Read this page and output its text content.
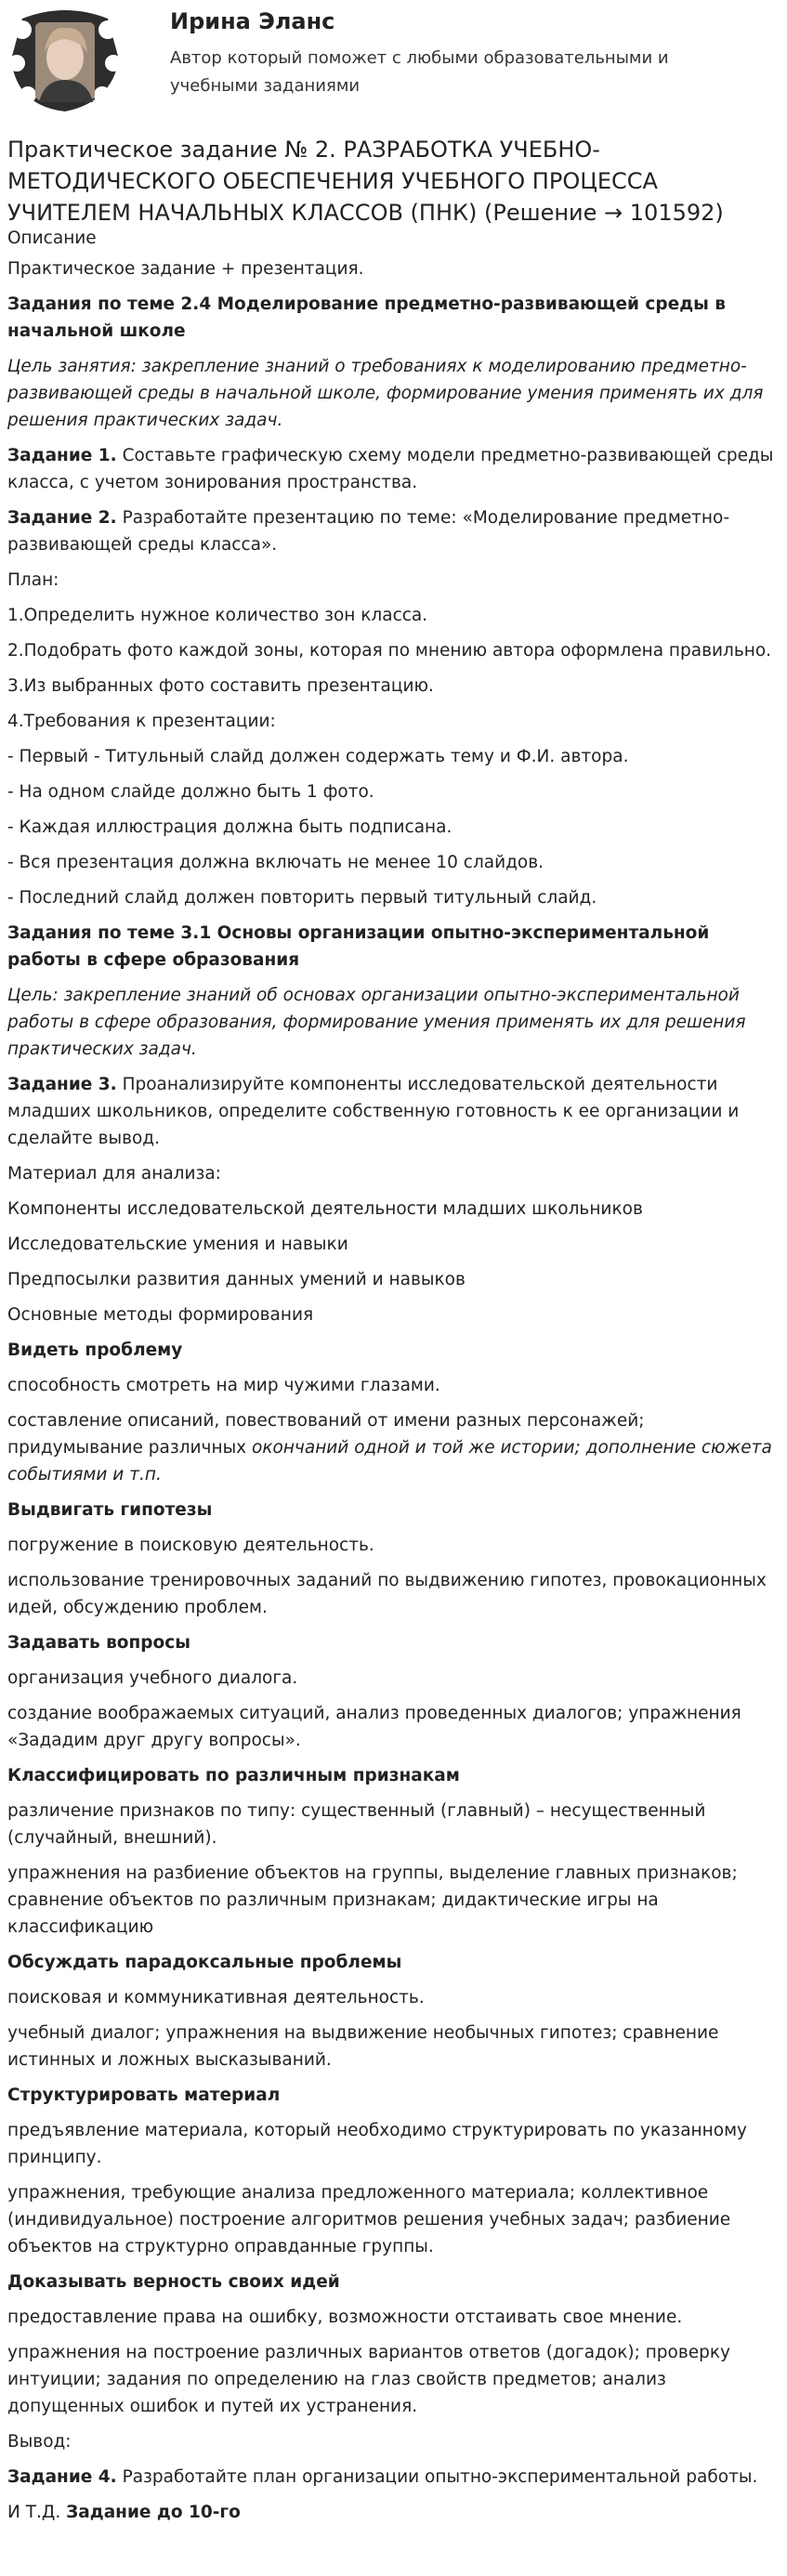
Ирина Эланс

Автор который поможет с любыми образовательными и учебными заданиями

Практическое задание № 2. РАЗРАБОТКА УЧЕБНО-МЕТОДИЧЕСКОГО ОБЕСПЕЧЕНИЯ УЧЕБНОГО ПРОЦЕССА УЧИТЕЛЕМ НАЧАЛЬНЫХ КЛАССОВ (ПНК) (Решение → 101592)

Описание

Практическое задание + презентация.

Задания по теме 2.4 Моделирование предметно-развивающей среды в начальной школе

Цель занятия: закрепление знаний о требованиях к моделированию предметно-развивающей среды в начальной школе, формирование умения применять их для решения практических задач.

Задание 1. Составьте графическую схему модели предметно-развивающей среды класса, с учетом зонирования пространства.

Задание 2. Разработайте презентацию по теме: «Моделирование предметно-развивающей среды класса».

План:

1.Определить нужное количество зон класса.

2.Подобрать фото каждой зоны, которая по мнению автора оформлена правильно.

3.Из выбранных фото составить презентацию.

4.Требования к презентации:

- Первый - Титульный слайд должен содержать тему и Ф.И. автора.

- На одном слайде должно быть 1 фото.

- Каждая иллюстрация должна быть подписана.

- Вся презентация должна включать не менее 10 слайдов.

- Последний слайд должен повторить первый титульный слайд.

Задания по теме 3.1 Основы организации опытно-экспериментальной работы в сфере образования

Цель: закрепление знаний об основах организации опытно-экспериментальной работы в сфере образования, формирование умения применять их для решения практических задач.

Задание 3. Проанализируйте компоненты исследовательской деятельности младших школьников, определите собственную готовность к ее организации и сделайте вывод.

Материал для анализа:

Компоненты исследовательской деятельности младших школьников

Исследовательские умения и навыки

Предпосылки развития данных умений и навыков

Основные методы формирования

Видеть проблему

способность смотреть на мир чужими глазами.

составление описаний, повествований от имени разных персонажей; придумывание различных окончаний одной и той же истории; дополнение сюжета событиями и т.п.

Выдвигать гипотезы

погружение в поисковую деятельность.

использование тренировочных заданий по выдвижению гипотез, провокационных идей, обсуждению проблем.

Задавать вопросы

организация учебного диалога.

создание воображаемых ситуаций, анализ проведенных диалогов; упражнения «Зададим друг другу вопросы».

Классифицировать по различным признакам

различение признаков по типу: существенный (главный) – несущественный (случайный, внешний).

упражнения на разбиение объектов на группы, выделение главных признаков; сравнение объектов по различным признакам; дидактические игры на классификацию

Обсуждать парадоксальные проблемы

поисковая и коммуникативная деятельность.

учебный диалог; упражнения на выдвижение необычных гипотез; сравнение истинных и ложных высказываний.

Структурировать материал

предъявление материала, который необходимо структурировать по указанному принципу.

упражнения, требующие анализа предложенного материала; коллективное (индивидуальное) построение алгоритмов решения учебных задач; разбиение объектов на структурно оправданные группы.

Доказывать верность своих идей

предоставление права на ошибку, возможности отстаивать свое мнение.

упражнения на построение различных вариантов ответов (догадок); проверку интуиции; задания по определению на глаз свойств предметов; анализ допущенных ошибок и путей их устранения.

Вывод:

Задание 4. Разработайте план организации опытно-экспериментальной работы.

И Т.Д. Задание до 10-го
